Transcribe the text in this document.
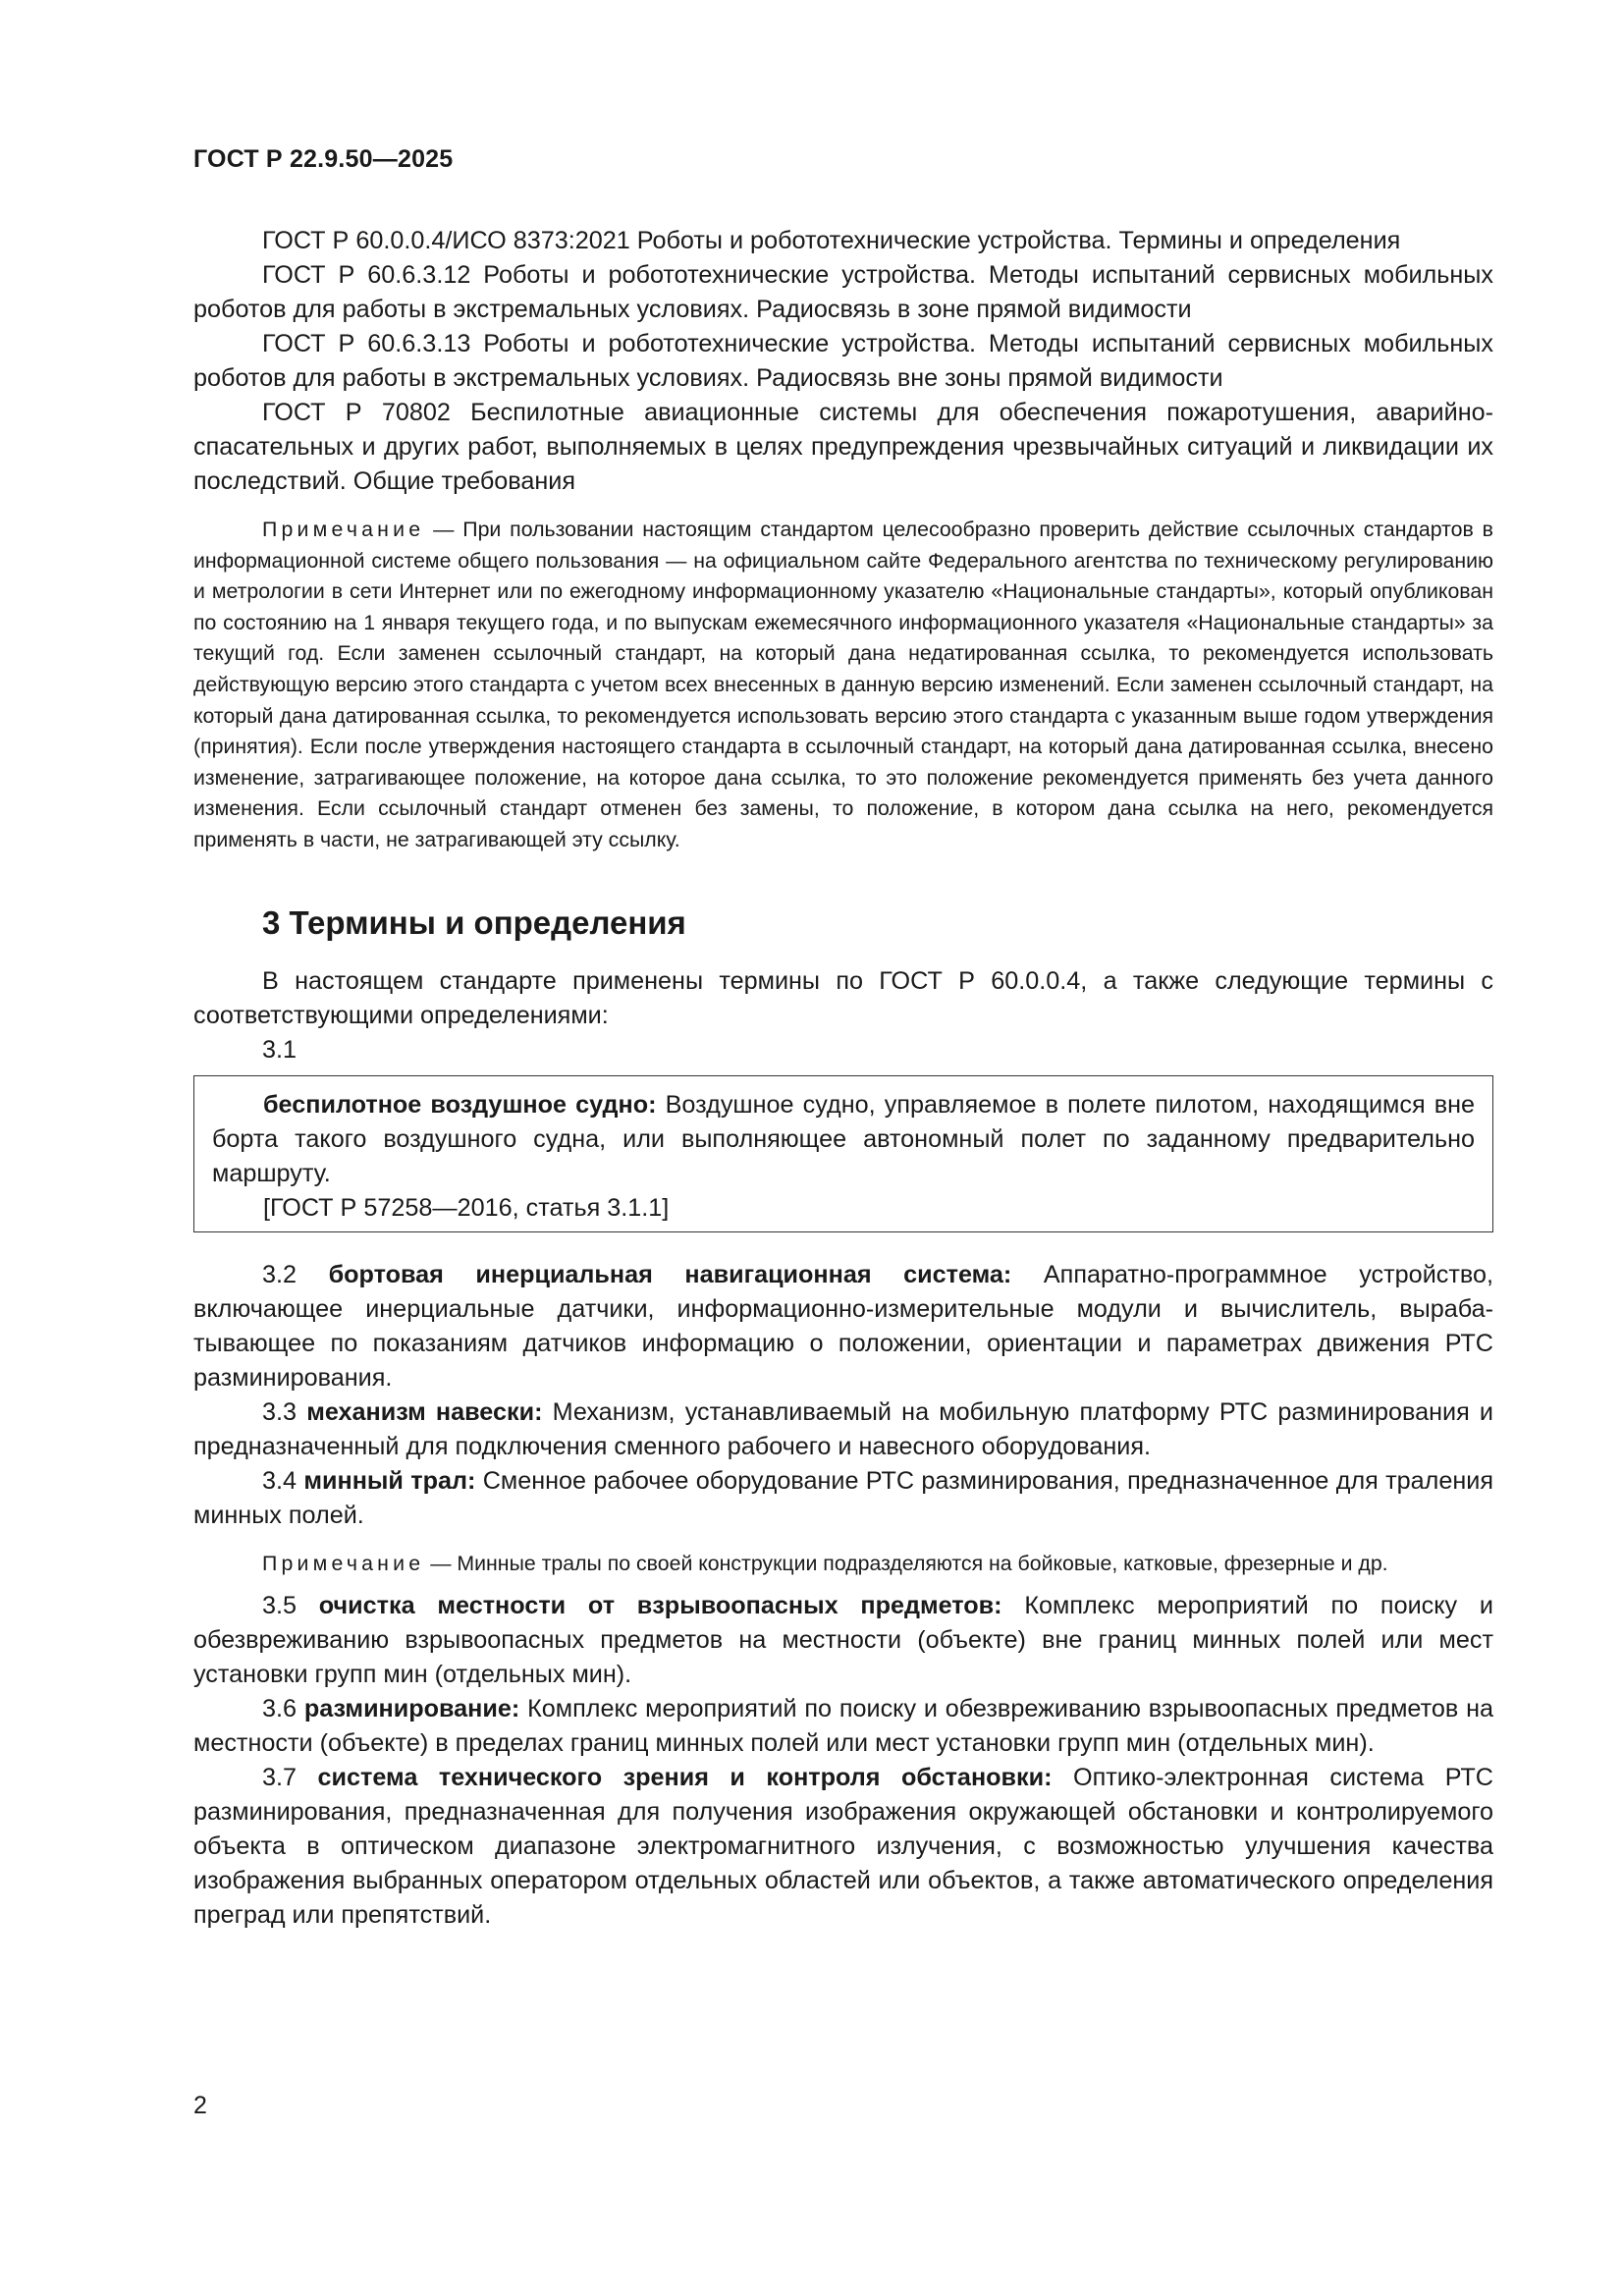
ГОСТ Р 22.9.50—2025

ГОСТ Р 60.0.0.4/ИСО 8373:2021 Роботы и робототехнические устройства. Термины и определения

ГОСТ Р 60.6.3.12 Роботы и робототехнические устройства. Методы испытаний сервисных мобильных роботов для работы в экстремальных условиях. Радиосвязь в зоне прямой видимости

ГОСТ Р 60.6.3.13 Роботы и робототехнические устройства. Методы испытаний сервисных мобильных роботов для работы в экстремальных условиях. Радиосвязь вне зоны прямой видимости

ГОСТ Р 70802 Беспилотные авиационные системы для обеспечения пожаротушения, аварийно-спасательных и других работ, выполняемых в целях предупреждения чрезвычайных ситуаций и ликвидации их последствий. Общие требования

Примечание — При пользовании настоящим стандартом целесообразно проверить действие ссылочных стандартов в информационной системе общего пользования — на официальном сайте Федерального агентства по техническому регулированию и метрологии в сети Интернет или по ежегодному информационному указателю «Национальные стандарты», который опубликован по состоянию на 1 января текущего года, и по выпускам ежемесячного информационного указателя «Национальные стандарты» за текущий год. Если заменен ссылочный стандарт, на который дана недатированная ссылка, то рекомендуется использовать действующую версию этого стандарта с учетом всех внесенных в данную версию изменений. Если заменен ссылочный стандарт, на который дана датированная ссылка, то рекомендуется использовать версию этого стандарта с указанным выше годом утверждения (принятия). Если после утверждения настоящего стандарта в ссылочный стандарт, на который дана датированная ссылка, внесено изменение, затрагивающее положение, на которое дана ссылка, то это положение рекомендуется применять без учета данного изменения. Если ссылочный стандарт отменен без замены, то положение, в котором дана ссылка на него, рекомендуется применять в части, не затрагивающей эту ссылку.

3 Термины и определения

В настоящем стандарте применены термины по ГОСТ Р 60.0.0.4, а также следующие термины с соответствующими определениями:

3.1

беспилотное воздушное судно: Воздушное судно, управляемое в полете пилотом, находящимся вне борта такого воздушного судна, или выполняющее автономный полет по заданному предварительно маршруту.

[ГОСТ Р 57258—2016, статья 3.1.1]

3.2 бортовая инерциальная навигационная система: Аппаратно-программное устройство, включающее инерциальные датчики, информационно-измерительные модули и вычислитель, вырабатывающее по показаниям датчиков информацию о положении, ориентации и параметрах движения РТС разминирования.

3.3 механизм навески: Механизм, устанавливаемый на мобильную платформу РТС разминирования и предназначенный для подключения сменного рабочего и навесного оборудования.

3.4 минный трал: Сменное рабочее оборудование РТС разминирования, предназначенное для траления минных полей.

Примечание — Минные тралы по своей конструкции подразделяются на бойковые, катковые, фрезерные и др.

3.5 очистка местности от взрывоопасных предметов: Комплекс мероприятий по поиску и обезвреживанию взрывоопасных предметов на местности (объекте) вне границ минных полей или мест установки групп мин (отдельных мин).

3.6 разминирование: Комплекс мероприятий по поиску и обезвреживанию взрывоопасных предметов на местности (объекте) в пределах границ минных полей или мест установки групп мин (отдельных мин).

3.7 система технического зрения и контроля обстановки: Оптико-электронная система РТС разминирования, предназначенная для получения изображения окружающей обстановки и контролируемого объекта в оптическом диапазоне электромагнитного излучения, с возможностью улучшения качества изображения выбранных оператором отдельных областей или объектов, а также автоматического определения преград или препятствий.

2
